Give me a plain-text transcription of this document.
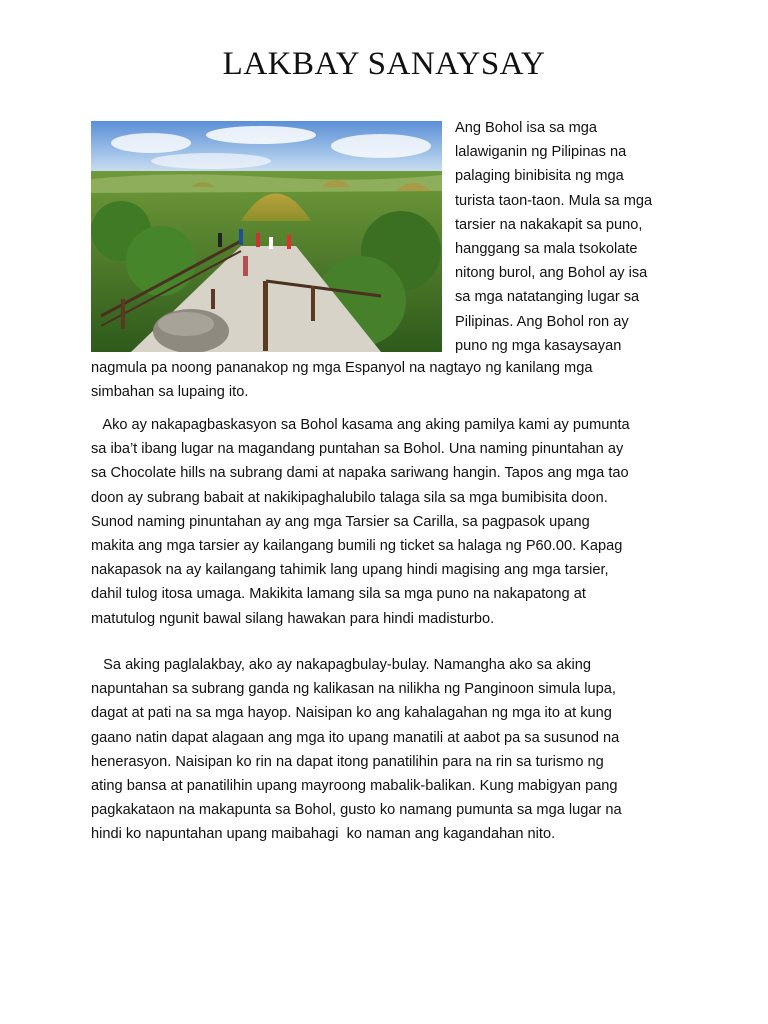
LAKBAY SANAYSAY
Ang Bohol isa sa mga
lalawiganin ng Pilipinas na
palaging binibisita ng mga
turista taon-taon. Mula sa mga
tarsier na nakakapit sa puno,
hanggang sa mala tsokolate
nitong burol, ang Bohol ay isa
sa mga natatanging lugar sa
Pilipinas. Ang Bohol ron ay
puno ng mga kasaysayan
nagmula pa noong pananakop ng mga Espanyol na nagtayo ng kanilang mga
simbahan sa lupaing ito.
Ako ay nakapagbaskasyon sa Bohol kasama ang aking pamilya kami ay pumunta
sa iba’t ibang lugar na magandang puntahan sa Bohol. Una naming pinuntahan ay
sa Chocolate hills na subrang dami at napaka sariwang hangin. Tapos ang mga tao
doon ay subrang babait at nakikipaghalubilo talaga sila sa mga bumibisita doon.
Sunod naming pinuntahan ay ang mga Tarsier sa Carilla, sa pagpasok upang
makita ang mga tarsier ay kailangang bumili ng ticket sa halaga ng P60.00. Kapag
nakapasok na ay kailangang tahimik lang upang hindi magising ang mga tarsier,
dahil tulog itosa umaga. Makikita lamang sila sa mga puno na nakapatong at
matutulog ngunit bawal silang hawakan para hindi madisturbo.
Sa aking paglalakbay, ako ay nakapagbulay-bulay. Namangha ako sa aking
napuntahan sa subrang ganda ng kalikasan na nilikha ng Panginoon simula lupa,
dagat at pati na sa mga hayop. Naisipan ko ang kahalagahan ng mga ito at kung
gaano natin dapat alagaan ang mga ito upang manatili at aabot pa sa susunod na
henerasyon. Naisipan ko rin na dapat itong panatilihin para na rin sa turismo ng
ating bansa at panatilihin upang mayroong mabalik-balikan. Kung mabigyan pang
pagkakataon na makapunta sa Bohol, gusto ko namang pumunta sa mga lugar na
hindi ko napuntahan upang maibahagi  ko naman ang kagandahan nito.
